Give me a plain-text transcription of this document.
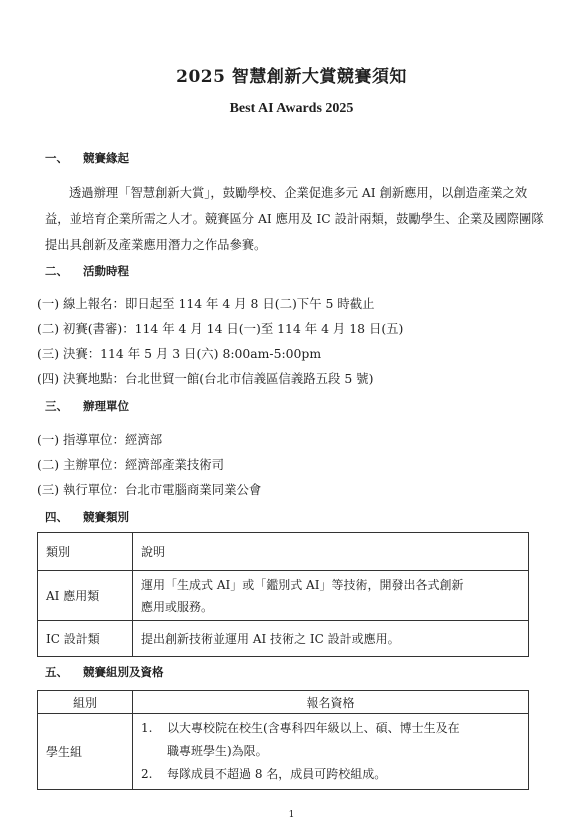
2025 智慧創新大賞競賽須知
Best AI Awards 2025
一、 競賽緣起
透過辦理「智慧創新大賞」，鼓勵學校、企業促進多元 AI 創新應用，以創造產業之效益，並培育企業所需之人才。競賽區分 AI 應用及 IC 設計兩類，鼓勵學生、企業及國際團隊提出具創新及產業應用潛力之作品參賽。
二、 活動時程
(一) 線上報名：即日起至 114 年 4 月 8 日(二)下午 5 時截止
(二) 初賽(書審)：114 年 4 月 14 日(一)至 114 年 4 月 18 日(五)
(三) 決賽：114 年 5 月 3 日(六) 8:00am-5:00pm
(四) 決賽地點：台北世貿一館(台北市信義區信義路五段 5 號)
三、 辦理單位
(一) 指導單位：經濟部
(二) 主辦單位：經濟部產業技術司
(三) 執行單位：台北市電腦商業同業公會
四、 競賽類別
類別	說明
AI 應用類	運用「生成式 AI」或「鑑別式 AI」等技術，開發出各式創新
應用或服務。

IC 設計類	提出創新技術並運用 AI 技術之 IC 設計或應用。
五、 競賽組別及資格
組別	報名資格
學生組	1. 以大專校院在校生(含專科四年級以上、碩、博士生及在
職專班學生)為限。
2. 每隊成員不超過 8 名，成員可跨校組成。
1
